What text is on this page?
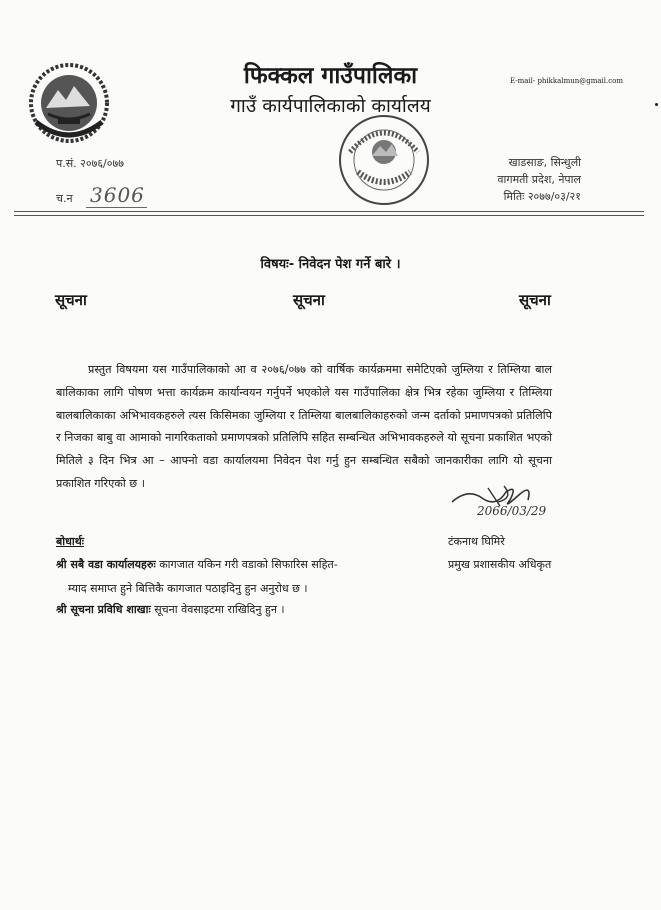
फिक्कल गाउँपालिका
गाउँ कार्यपालिकाको कार्यालय
E-mail- phikkalmun@gmail.com
प.सं. २०७६/०७७
च.न 3606
खाडसाङ, सिन्धुली
वागमती प्रदेश, नेपाल
मितिः २०७७/०३/२१
विषयः- निवेदन पेश गर्ने बारे ।
सूचना	सूचना	सूचना
प्रस्तुत विषयमा यस गाउँपालिकाको आ व २०७६/०७७ को वार्षिक कार्यक्रममा समेटिएको जुम्लिया र तिम्लिया बाल बालिकाका लागि पोषण भत्ता कार्यक्रम कार्यान्वयन गर्नुपर्ने भएकोले यस गाउँपालिका क्षेत्र भित्र रहेका जुम्लिया र तिम्लिया बालबालिकाका अभिभावकहरुले त्यस किसिमका जुम्लिया र तिम्लिया बालबालिकाहरुको जन्म दर्ताको प्रमाणपत्रको प्रतिलिपि र निजका बाबु वा आमाको नागरिकताको प्रमाणपत्रको प्रतिलिपि सहित सम्बन्धित अभिभावकहरुले यो सूचना प्रकाशित भएको मितिले ३ दिन भित्र आ – आफ्नो वडा कार्यालयमा निवेदन पेश गर्नु हुन सम्बन्धित सबैको जानकारीका लागि यो सूचना प्रकाशित गरिएको छ ।
2066/03/29
टंकनाथ घिमिरे
प्रमुख प्रशासकीय अधिकृत
बोधार्थः
श्री सबै वडा कार्यालयहरुः कागजात यकिन गरी वडाको सिफारिस सहित-
म्याद समाप्त हुने बित्तिकै कागजात पठाइदिनु हुन अनुरोध छ ।
श्री सूचना प्रविधि शाखाः सूचना वेवसाइटमा राखिदिनु हुन ।
